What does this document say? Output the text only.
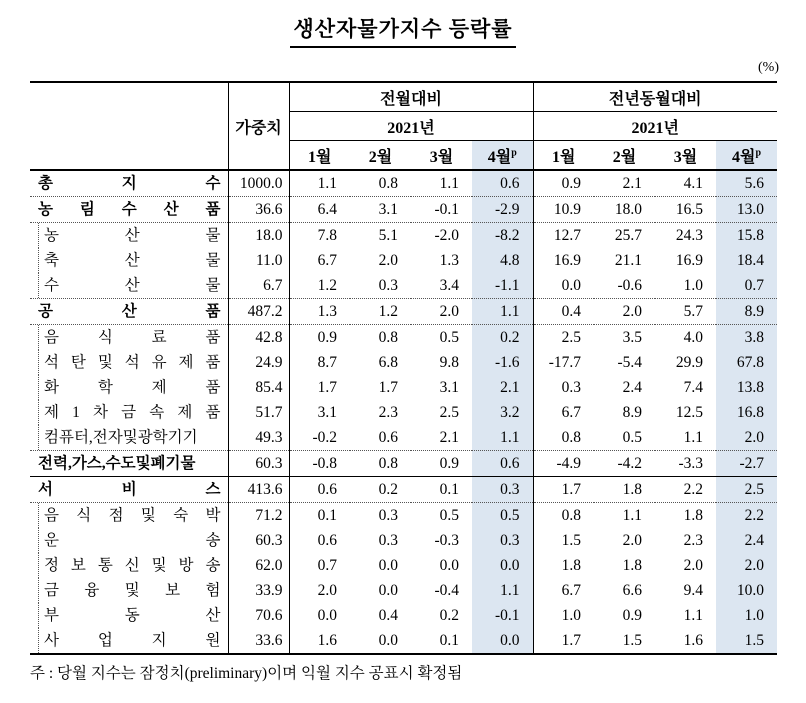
생산자물가지수 등락률
(%)
	가중치	전월대비				전년동월대비			
		2021년				2021년			
		1월	2월	3월	4월$^p$	1월	2월	3월	4월$^p$

총 지 수	1000.0	1.1	0.8	1.1	0.6	0.9	2.1	4.1	5.6

농 림 수 산 품	36.6	6.4	3.1	-0.1	-2.9	10.9	18.0	16.5	13.0

농 산 물	18.0	7.8	5.1	-2.0	-8.2	12.7	25.7	24.3	15.8

축 산 물	11.0	6.7	2.0	1.3	4.8	16.9	21.1	16.9	18.4

수 산 물	6.7	1.2	0.3	3.4	-1.1	0.0	-0.6	1.0	0.7

공 산 품	487.2	1.3	1.2	2.0	1.1	0.4	2.0	5.7	8.9

음 식 료 품	42.8	0.9	0.8	0.5	0.2	2.5	3.5	4.0	3.8

석 탄 및 석 유 제 품	24.9	8.7	6.8	9.8	-1.6	-17.7	-5.4	29.9	67.8

화 학 제 품	85.4	1.7	1.7	3.1	2.1	0.3	2.4	7.4	13.8

제 1 차 금 속 제 품	51.7	3.1	2.3	2.5	3.2	6.7	8.9	12.5	16.8

컴퓨터,전자및광학기기	49.3	-0.2	0.6	2.1	1.1	0.8	0.5	1.1	2.0

전력,가스,수도및폐기물	60.3	-0.8	0.8	0.9	0.6	-4.9	-4.2	-3.3	-2.7

서 비 스	413.6	0.6	0.2	0.1	0.3	1.7	1.8	2.2	2.5

음 식 점 및 숙 박	71.2	0.1	0.3	0.5	0.5	0.8	1.1	1.8	2.2

운 송	60.3	0.6	0.3	-0.3	0.3	1.5	2.0	2.3	2.4

정 보 통 신 및 방 송	62.0	0.7	0.0	0.0	0.0	1.8	1.8	2.0	2.0

금 융 및 보 험	33.9	2.0	0.0	-0.4	1.1	6.7	6.6	9.4	10.0

부 동 산	70.6	0.0	0.4	0.2	-0.1	1.0	0.9	1.1	1.0

사 업 지 원	33.6	1.6	0.0	0.1	0.0	1.7	1.5	1.6	1.5
주 : 당월 지수는 잠정치(preliminary)이며 익월 지수 공표시 확정됨
